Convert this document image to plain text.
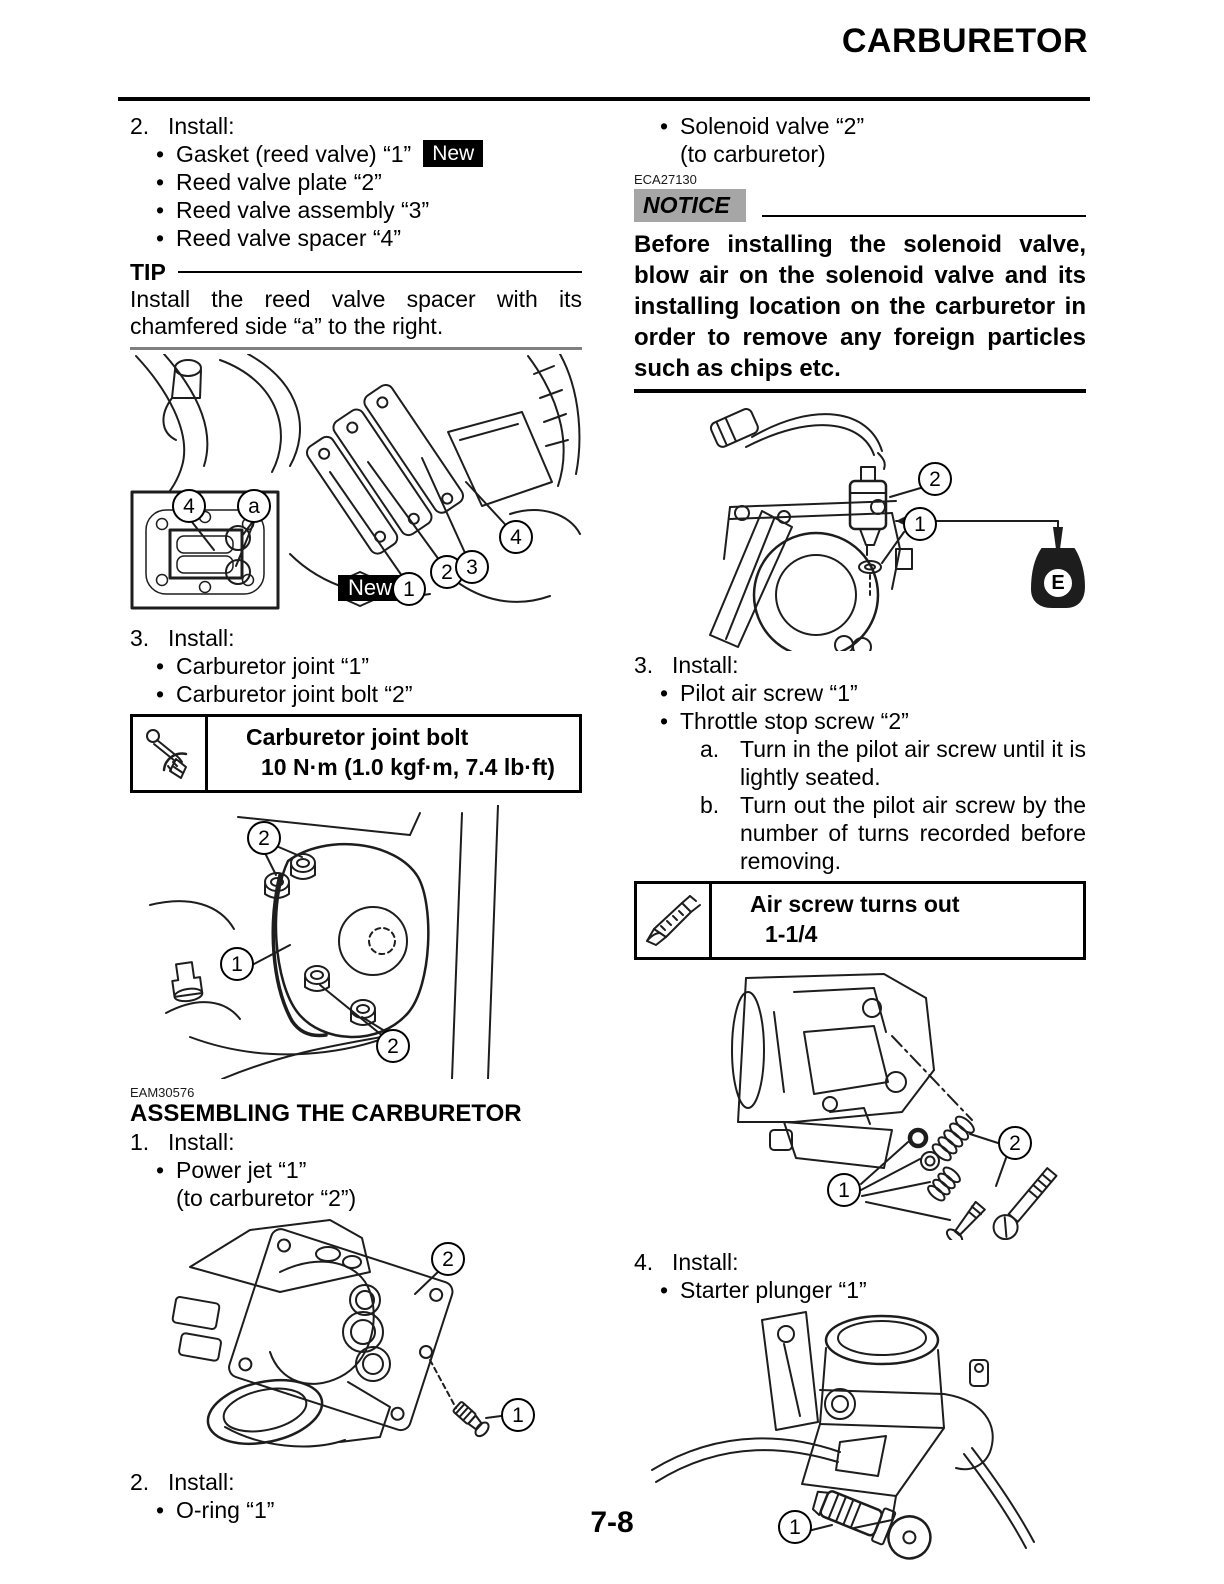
CARBURETOR
2. Install:
• Gasket (reed valve) “1” New
• Reed valve plate “2”
• Reed valve assembly “3”
• Reed valve spacer “4”
TIP
Install the reed valve spacer with its chamfered side “a” to the right.
4	a
New 1
2 3
4
3. Install:
• Carburetor joint “1”
• Carburetor joint bolt “2”
Carburetor joint bolt
10 N·m (1.0 kgf·m, 7.4 lb·ft)
2
1
2
EAM30576
ASSEMBLING THE CARBURETOR
1. Install:
• Power jet “1”
(to carburetor “2”)
2
1
2. Install:
• O-ring “1”
• Solenoid valve “2”
(to carburetor)
ECA27130
NOTICE
Before installing the solenoid valve, blow air on the solenoid valve and its installing location on the carburetor in order to remove any foreign particles such as chips etc.
2
1
E
3. Install:
• Pilot air screw “1”
• Throttle stop screw “2”
a. Turn in the pilot air screw until it is lightly seated.
b. Turn out the pilot air screw by the number of turns recorded before removing.
Air screw turns out
1-1/4
1
2
4. Install:
• Starter plunger “1”
1
7-8
